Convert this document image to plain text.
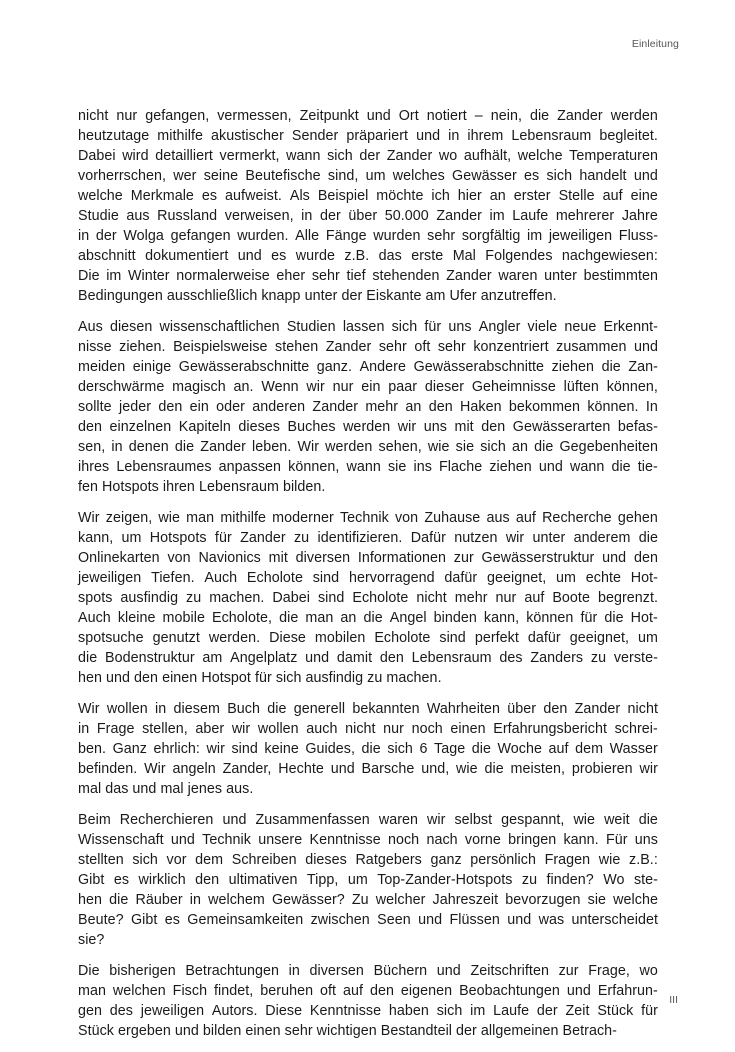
Einleitung
nicht nur gefangen, vermessen, Zeitpunkt und Ort notiert – nein, die Zander werden
heutzutage mithilfe akustischer Sender präpariert und in ihrem Lebensraum begleitet.
Dabei wird detailliert vermerkt, wann sich der Zander wo aufhält, welche Temperaturen
vorherrschen, wer seine Beutefische sind, um welches Gewässer es sich handelt und
welche Merkmale es aufweist. Als Beispiel möchte ich hier an erster Stelle auf eine
Studie aus Russland verweisen, in der über 50.000 Zander im Laufe mehrerer Jahre
in der Wolga gefangen wurden. Alle Fänge wurden sehr sorgfältig im jeweiligen Fluss-
abschnitt dokumentiert und es wurde z.B. das erste Mal Folgendes nachgewiesen:
Die im Winter normalerweise eher sehr tief stehenden Zander waren unter bestimmten
Bedingungen ausschließlich knapp unter der Eiskante am Ufer anzutreffen.
Aus diesen wissenschaftlichen Studien lassen sich für uns Angler viele neue Erkennt-
nisse ziehen. Beispielsweise stehen Zander sehr oft sehr konzentriert zusammen und
meiden einige Gewässerabschnitte ganz. Andere Gewässerabschnitte ziehen die Zan-
derschwärme magisch an. Wenn wir nur ein paar dieser Geheimnisse lüften können,
sollte jeder den ein oder anderen Zander mehr an den Haken bekommen können. In
den einzelnen Kapiteln dieses Buches werden wir uns mit den Gewässerarten befas-
sen, in denen die Zander leben. Wir werden sehen, wie sie sich an die Gegebenheiten
ihres Lebensraumes anpassen können, wann sie ins Flache ziehen und wann die tie-
fen Hotspots ihren Lebensraum bilden.
Wir zeigen, wie man mithilfe moderner Technik von Zuhause aus auf Recherche gehen
kann, um Hotspots für Zander zu identifizieren. Dafür nutzen wir unter anderem die
Onlinekarten von Navionics mit diversen Informationen zur Gewässerstruktur und den
jeweiligen Tiefen. Auch Echolote sind hervorragend dafür geeignet, um echte Hot-
spots ausfindig zu machen. Dabei sind Echolote nicht mehr nur auf Boote begrenzt.
Auch kleine mobile Echolote, die man an die Angel binden kann, können für die Hot-
spotsuche genutzt werden. Diese mobilen Echolote sind perfekt dafür geeignet, um
die Bodenstruktur am Angelplatz und damit den Lebensraum des Zanders zu verste-
hen und den einen Hotspot für sich ausfindig zu machen.
Wir wollen in diesem Buch die generell bekannten Wahrheiten über den Zander nicht
in Frage stellen, aber wir wollen auch nicht nur noch einen Erfahrungsbericht schrei-
ben. Ganz ehrlich: wir sind keine Guides, die sich 6 Tage die Woche auf dem Wasser
befinden. Wir angeln Zander, Hechte und Barsche und, wie die meisten, probieren wir
mal das und mal jenes aus.
Beim Recherchieren und Zusammenfassen waren wir selbst gespannt, wie weit die
Wissenschaft und Technik unsere Kenntnisse noch nach vorne bringen kann. Für uns
stellten sich vor dem Schreiben dieses Ratgebers ganz persönlich Fragen wie z.B.:
Gibt es wirklich den ultimativen Tipp, um Top-Zander-Hotspots zu finden? Wo ste-
hen die Räuber in welchem Gewässer? Zu welcher Jahreszeit bevorzugen sie welche
Beute? Gibt es Gemeinsamkeiten zwischen Seen und Flüssen und was unterscheidet
sie?
Die bisherigen Betrachtungen in diversen Büchern und Zeitschriften zur Frage, wo
man welchen Fisch findet, beruhen oft auf den eigenen Beobachtungen und Erfahrun-
gen des jeweiligen Autors. Diese Kenntnisse haben sich im Laufe der Zeit Stück für
Stück ergeben und bilden einen sehr wichtigen Bestandteil der allgemeinen Betrach-
III
